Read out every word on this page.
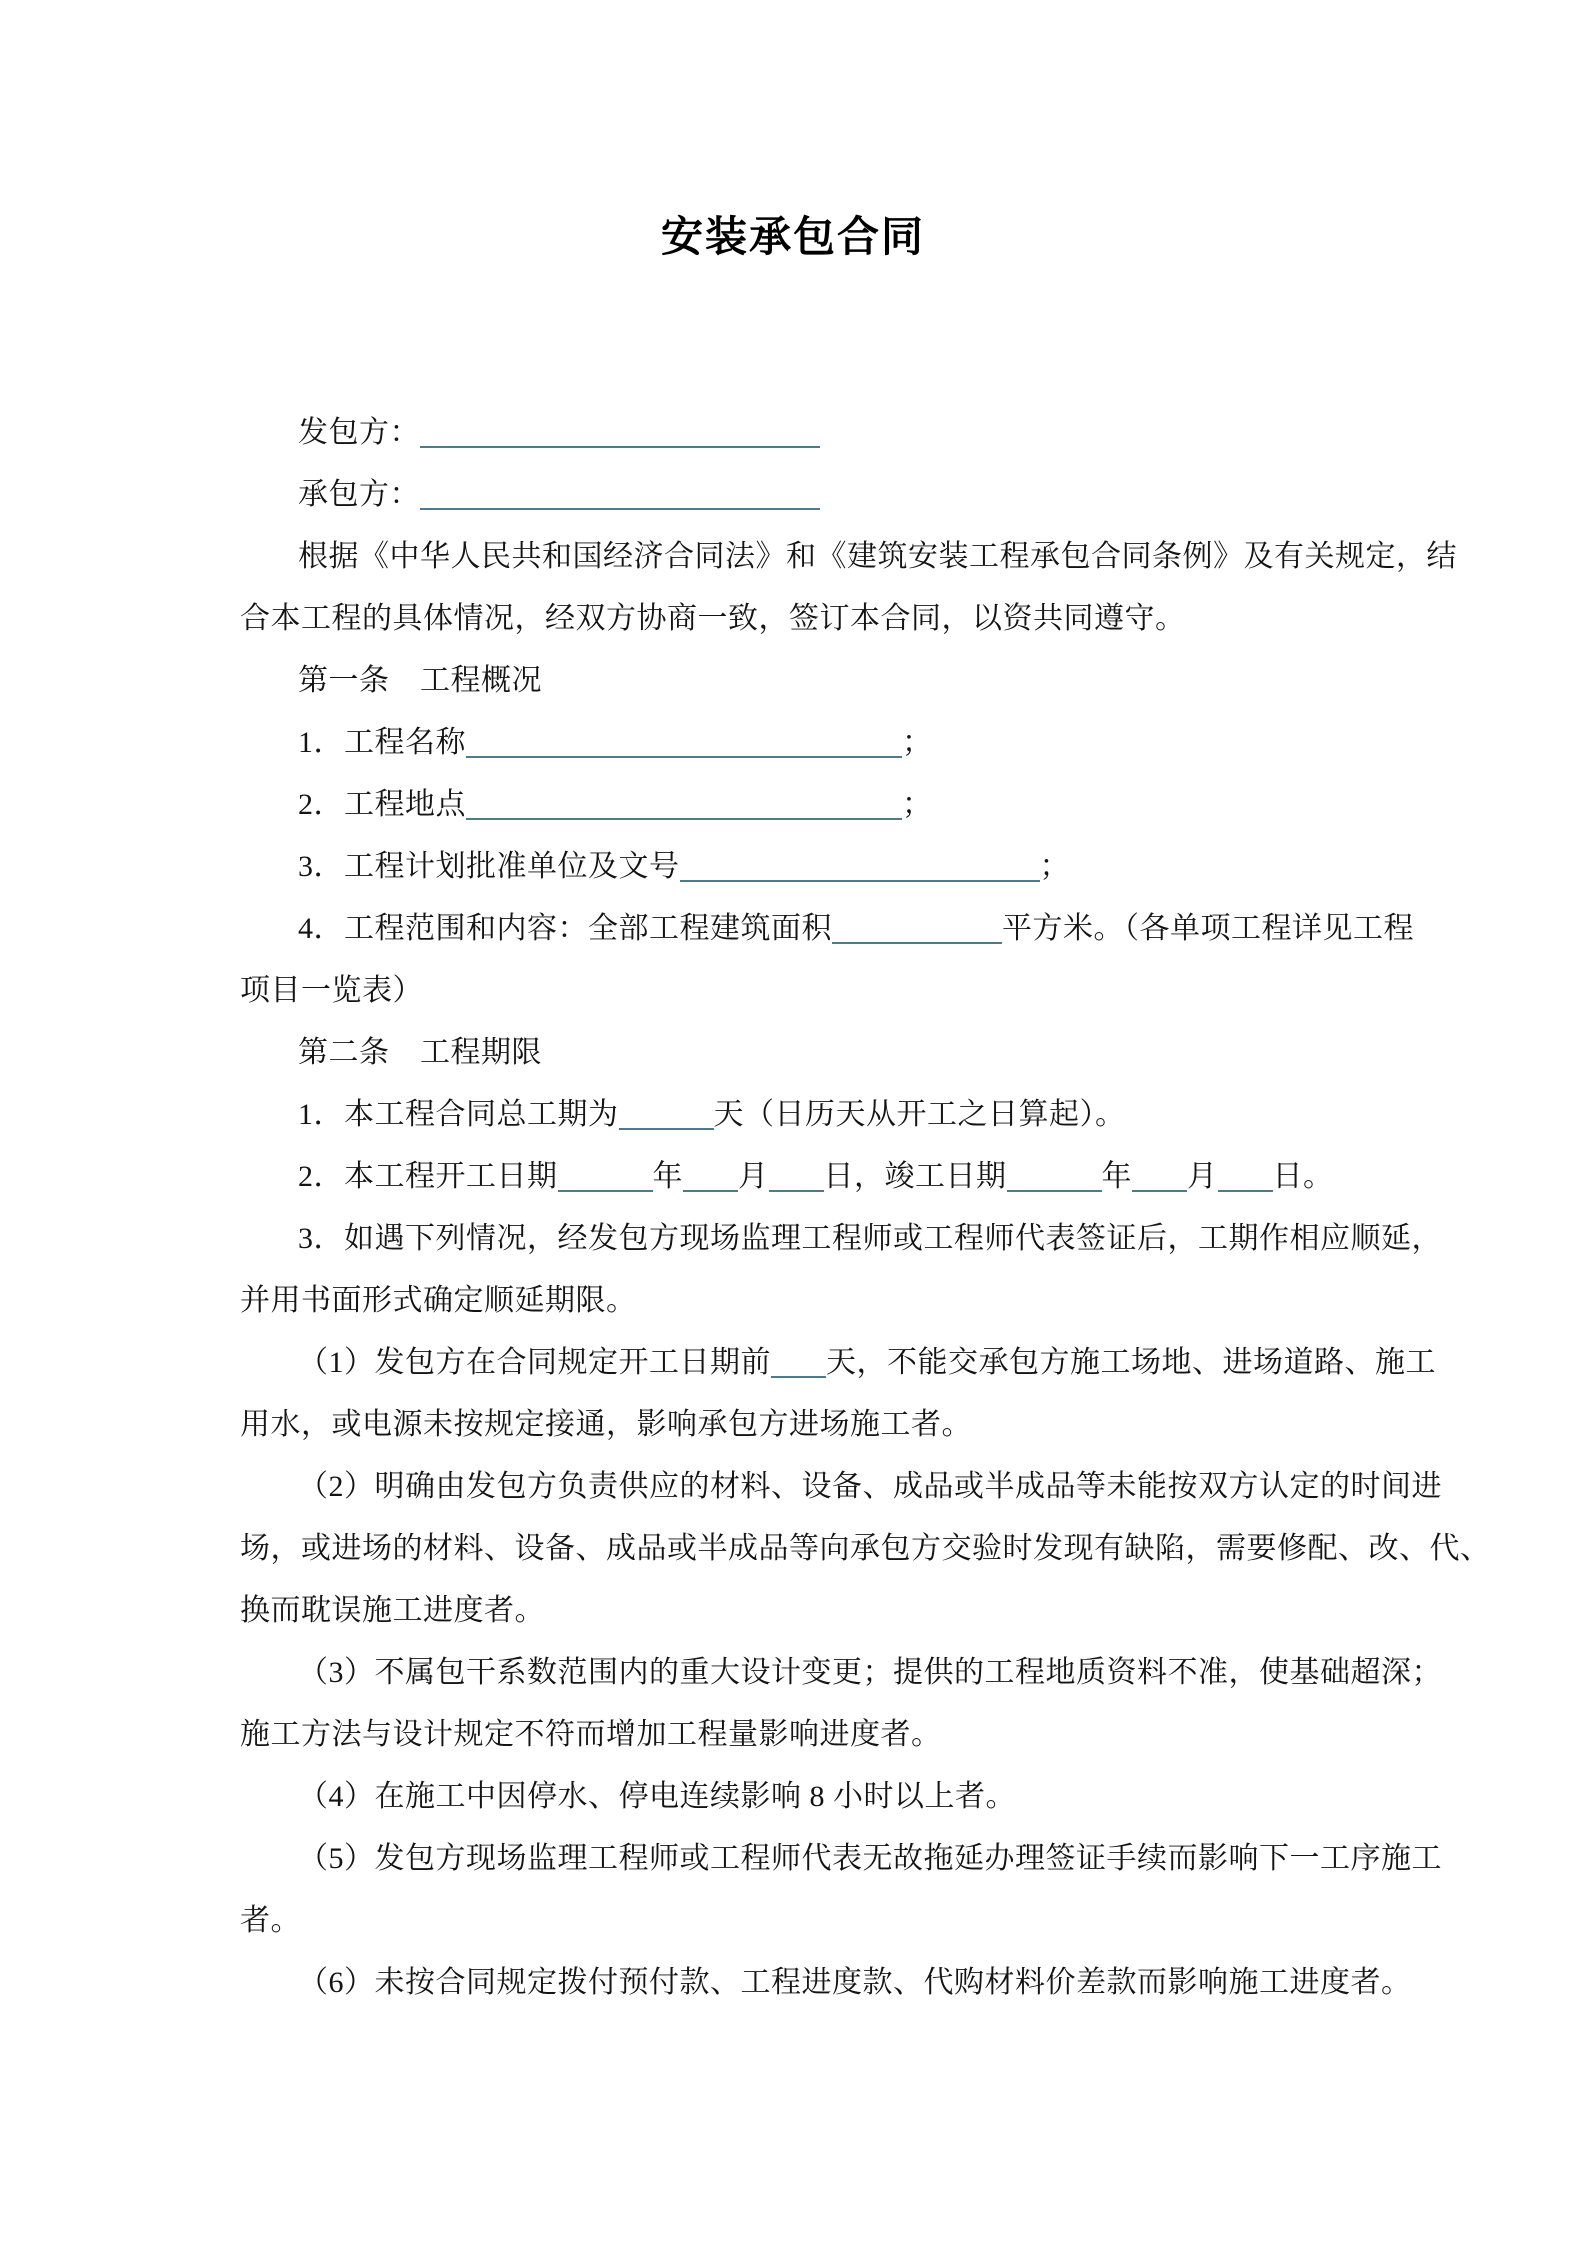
安装承包合同
发包方：
承包方：
根据《中华人民共和国经济合同法》和《建筑安装工程承包合同条例》及有关规定，结
合本工程的具体情况，经双方协商一致，签订本合同，以资共同遵守。
第一条　工程概况
1．工程名称	；
2．工程地点	；
3．工程计划批准单位及文号	；
4．工程范围和内容：全部工程建筑面积	平方米。（各单项工程详见工程
项目一览表）
第二条　工程期限
1．本工程合同总工期为	天（日历天从开工之日算起）。
2．本工程开工日期	年 月 日，竣工日期	年 月 日。
3．如遇下列情况，经发包方现场监理工程师或工程师代表签证后，工期作相应顺延，
并用书面形式确定顺延期限。
（1）发包方在合同规定开工日期前 天，不能交承包方施工场地、进场道路、施工
用水，或电源未按规定接通，影响承包方进场施工者。
（2）明确由发包方负责供应的材料、设备、成品或半成品等未能按双方认定的时间进
场，或进场的材料、设备、成品或半成品等向承包方交验时发现有缺陷，需要修配、改、代、
换而耽误施工进度者。
（3）不属包干系数范围内的重大设计变更；提供的工程地质资料不准，使基础超深；
施工方法与设计规定不符而增加工程量影响进度者。
（4）在施工中因停水、停电连续影响 8 小时以上者。
（5）发包方现场监理工程师或工程师代表无故拖延办理签证手续而影响下一工序施工
者。
（6）未按合同规定拨付预付款、工程进度款、代购材料价差款而影响施工进度者。
